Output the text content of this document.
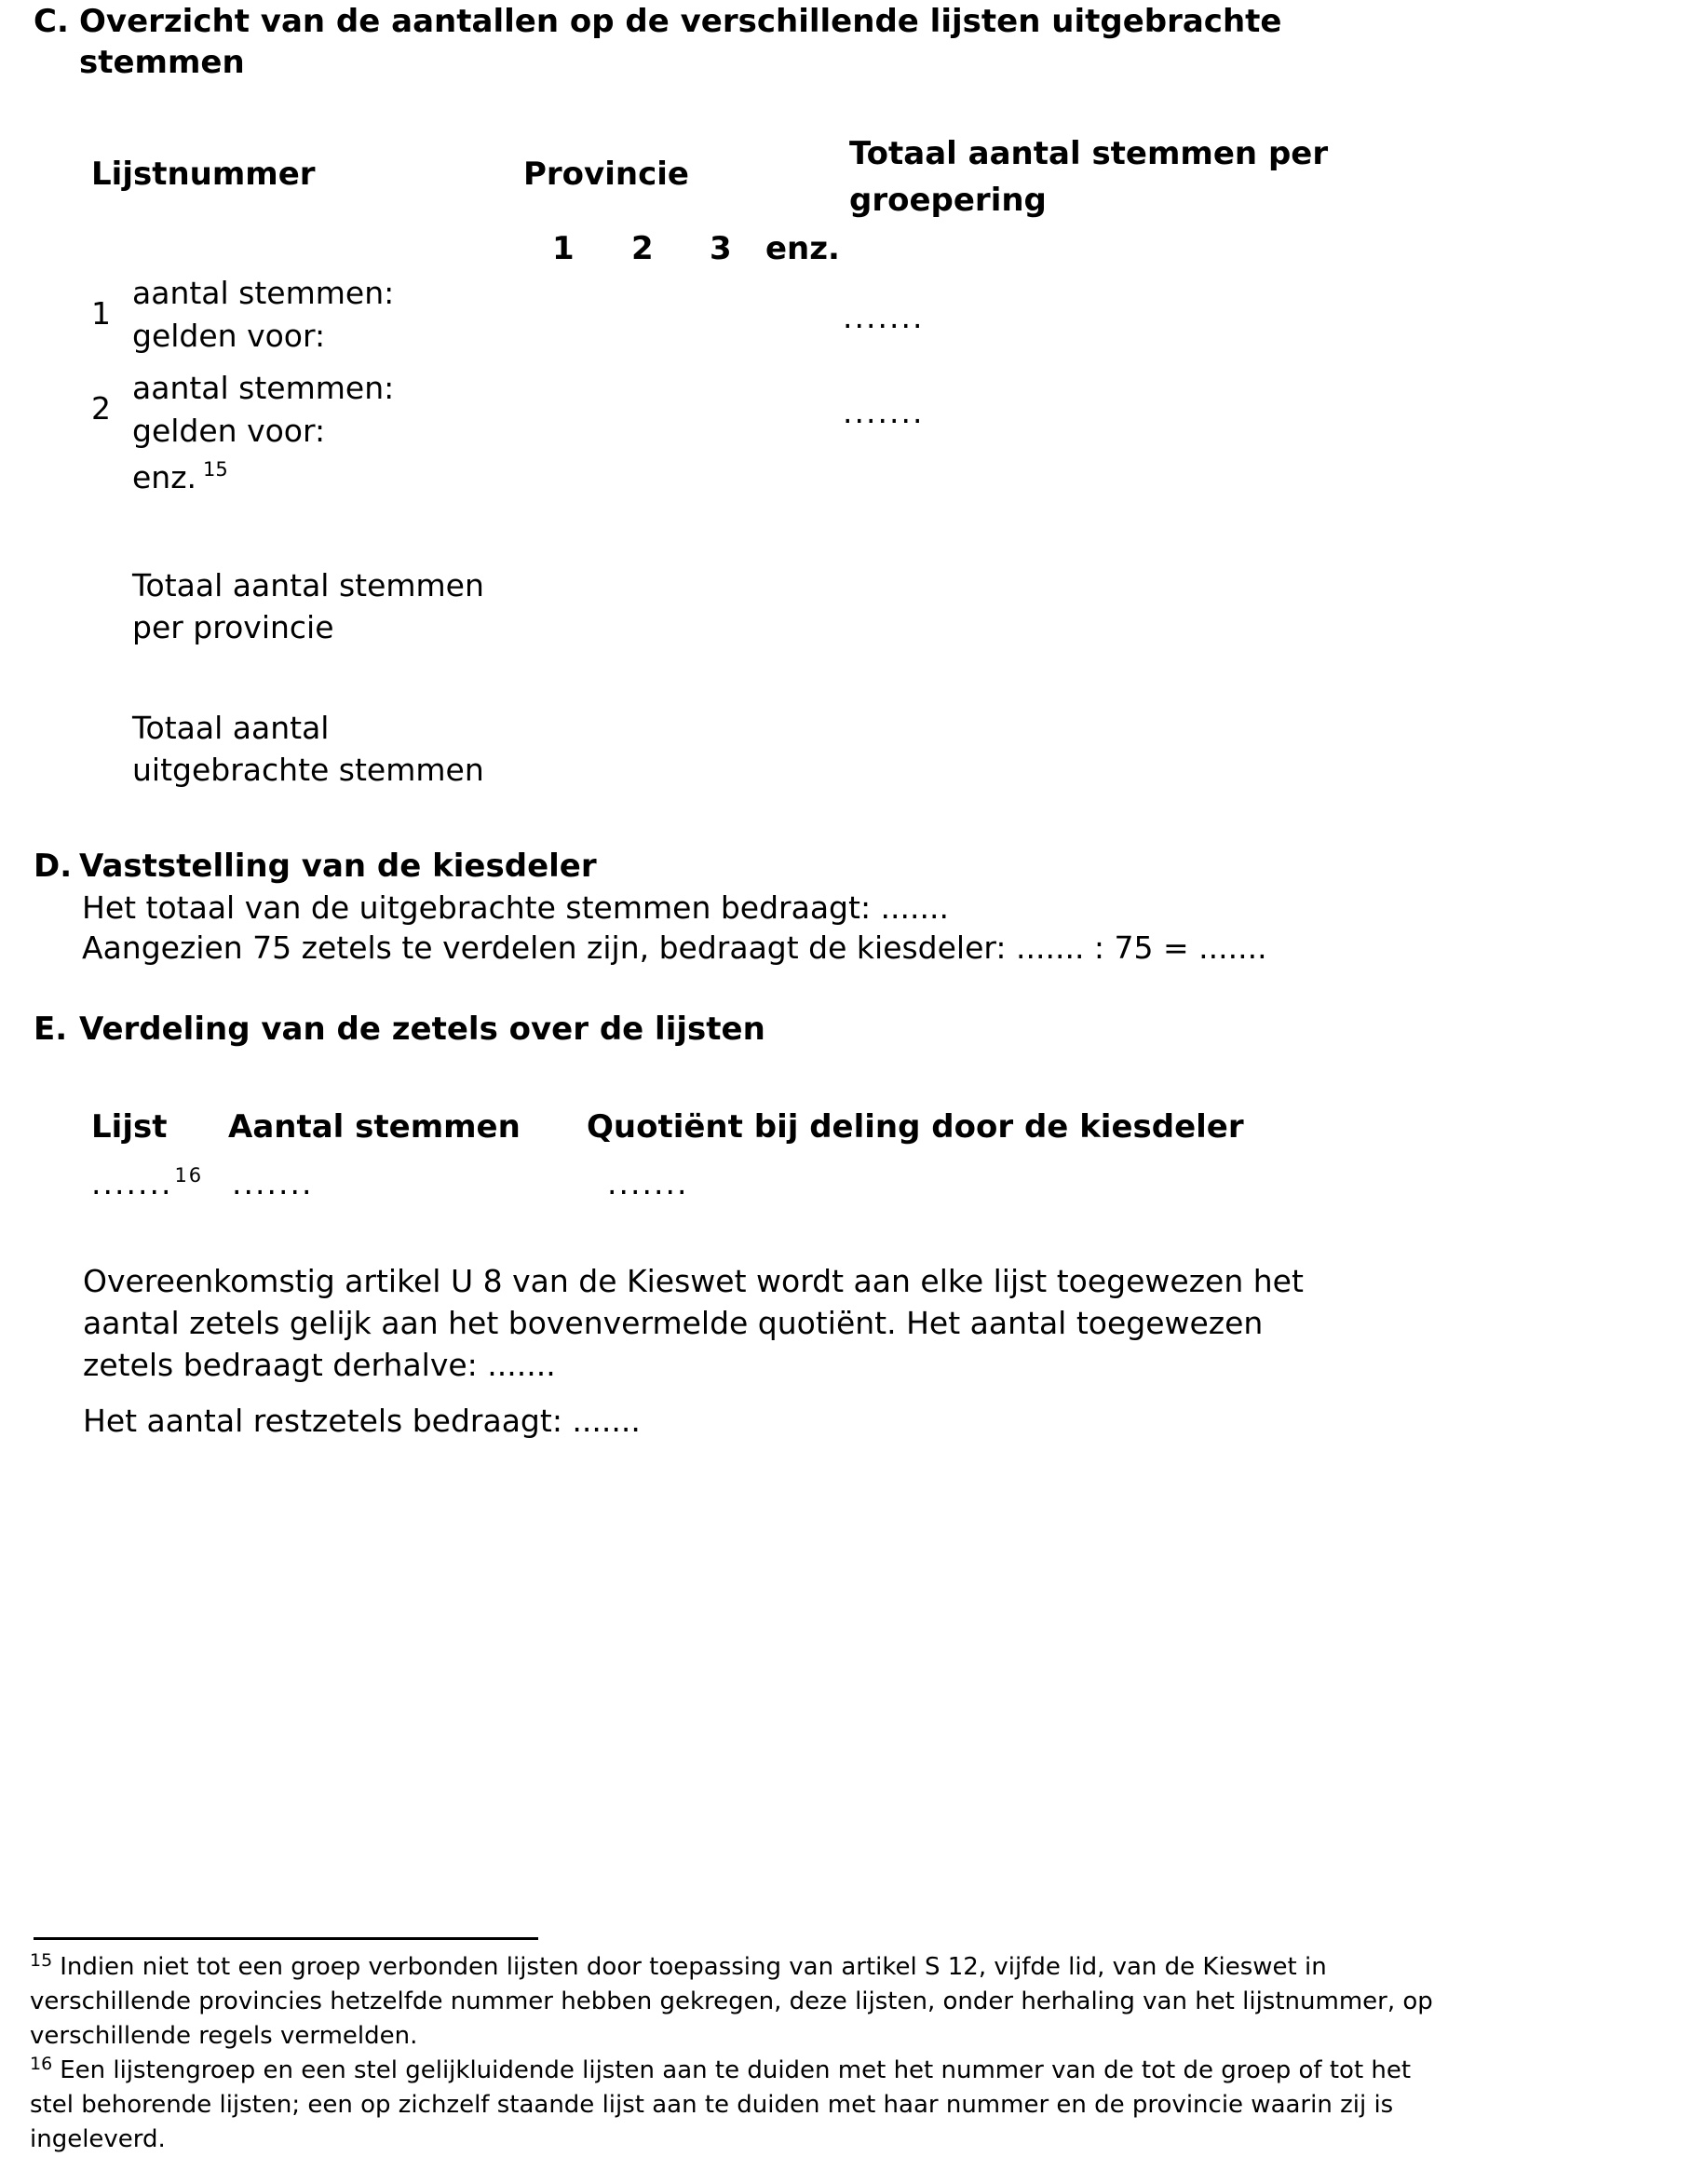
C. Overzicht van de aantallen op de verschillende lijsten uitgebrachte
stemmen
Lijstnummer	Provincie
Totaal aantal stemmen per
groepering
1 2 3 enz.
1
aantal stemmen:
gelden voor:
.......
2
aantal stemmen:
gelden voor:
.......
enz. $^{15}$
Totaal aantal stemmen
per provincie
Totaal aantal
uitgebrachte stemmen
D. Vaststelling van de kiesdeler
Het totaal van de uitgebrachte stemmen bedraagt: .......
Aangezien 75 zetels te verdelen zijn, bedraagt de kiesdeler: ....... : 75 = .......
E. Verdeling van de zetels over de lijsten
Lijst Aantal stemmen Quotiënt bij deling door de kiesdeler
.......$^{16}$ .......	.......
Overeenkomstig artikel U 8 van de Kieswet wordt aan elke lijst toegewezen het
aantal zetels gelijk aan het bovenvermelde quotiënt. Het aantal toegewezen
zetels bedraagt derhalve: .......
Het aantal restzetels bedraagt: .......
$^{15}$ Indien niet tot een groep verbonden lijsten door toepassing van artikel S 12, vijfde lid, van de Kieswet in
verschillende provincies hetzelfde nummer hebben gekregen, deze lijsten, onder herhaling van het lijstnummer, op
verschillende regels vermelden.
$^{16}$ Een lijstengroep en een stel gelijkluidende lijsten aan te duiden met het nummer van de tot de groep of tot het
stel behorende lijsten; een op zichzelf staande lijst aan te duiden met haar nummer en de provincie waarin zij is
ingeleverd.
